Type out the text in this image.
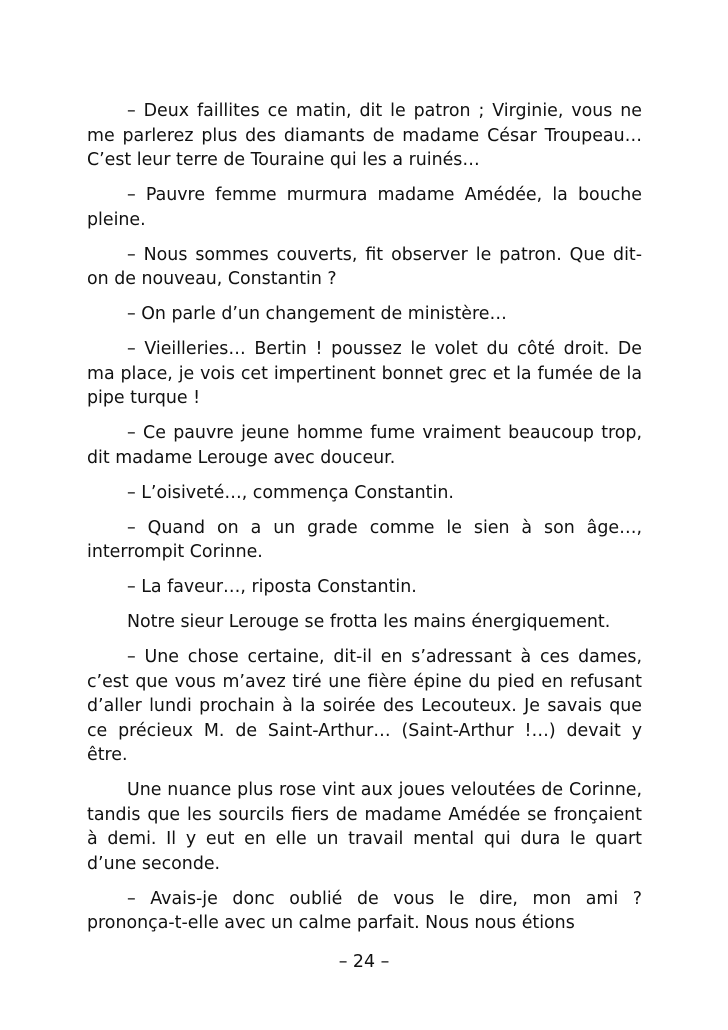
– Deux faillites ce matin, dit le patron ; Virginie, vous ne me parlerez plus des diamants de madame César Troupeau… C’est leur terre de Touraine qui les a ruinés…

– Pauvre femme murmura madame Amédée, la bouche pleine.

– Nous sommes couverts, fit observer le patron. Que dit-on de nouveau, Constantin ?

– On parle d’un changement de ministère…

– Vieilleries… Bertin ! poussez le volet du côté droit. De ma place, je vois cet impertinent bonnet grec et la fumée de la pipe turque !

– Ce pauvre jeune homme fume vraiment beaucoup trop, dit madame Lerouge avec douceur.

– L’oisiveté…, commença Constantin.

– Quand on a un grade comme le sien à son âge…, interrompit Corinne.

– La faveur…, riposta Constantin.

Notre sieur Lerouge se frotta les mains énergiquement.

– Une chose certaine, dit-il en s’adressant à ces dames, c’est que vous m’avez tiré une fière épine du pied en refusant d’aller lundi prochain à la soirée des Lecouteux. Je savais que ce précieux M. de Saint-Arthur… (Saint-Arthur !…) devait y être.

Une nuance plus rose vint aux joues veloutées de Corinne, tandis que les sourcils fiers de madame Amédée se fronçaient à demi. Il y eut en elle un travail mental qui dura le quart d’une seconde.

– Avais-je donc oublié de vous le dire, mon ami ? prononça-t-elle avec un calme parfait. Nous nous étions

– 24 –
